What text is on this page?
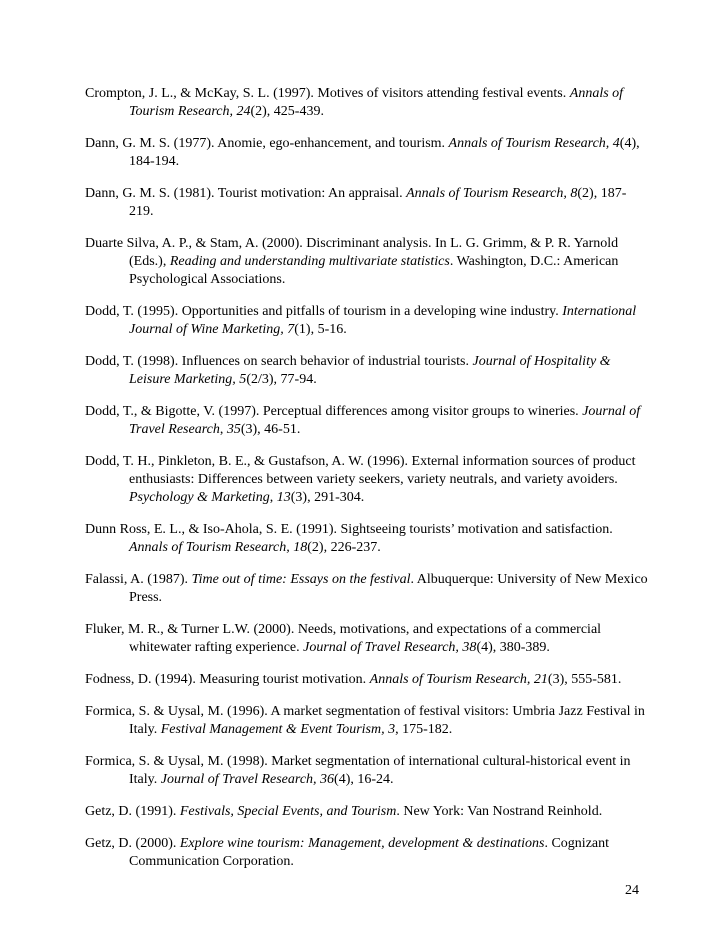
Crompton, J. L., & McKay, S. L. (1997). Motives of visitors attending festival events. Annals of Tourism Research, 24(2), 425-439.
Dann, G. M. S. (1977). Anomie, ego-enhancement, and tourism. Annals of Tourism Research, 4(4), 184-194.
Dann, G. M. S. (1981). Tourist motivation: An appraisal. Annals of Tourism Research, 8(2), 187-219.
Duarte Silva, A. P., & Stam, A. (2000). Discriminant analysis. In L. G. Grimm, & P. R. Yarnold (Eds.), Reading and understanding multivariate statistics. Washington, D.C.: American Psychological Associations.
Dodd, T. (1995). Opportunities and pitfalls of tourism in a developing wine industry. International Journal of Wine Marketing, 7(1), 5-16.
Dodd, T. (1998). Influences on search behavior of industrial tourists. Journal of Hospitality & Leisure Marketing, 5(2/3), 77-94.
Dodd, T., & Bigotte, V. (1997). Perceptual differences among visitor groups to wineries. Journal of Travel Research, 35(3), 46-51.
Dodd, T. H., Pinkleton, B. E., & Gustafson, A. W. (1996). External information sources of product enthusiasts: Differences between variety seekers, variety neutrals, and variety avoiders. Psychology & Marketing, 13(3), 291-304.
Dunn Ross, E. L., & Iso-Ahola, S. E. (1991). Sightseeing tourists’ motivation and satisfaction. Annals of Tourism Research, 18(2), 226-237.
Falassi, A. (1987). Time out of time: Essays on the festival. Albuquerque: University of New Mexico Press.
Fluker, M. R., & Turner L.W. (2000). Needs, motivations, and expectations of a commercial whitewater rafting experience. Journal of Travel Research, 38(4), 380-389.
Fodness, D. (1994). Measuring tourist motivation. Annals of Tourism Research, 21(3), 555-581.
Formica, S. & Uysal, M. (1996). A market segmentation of festival visitors: Umbria Jazz Festival in Italy. Festival Management & Event Tourism, 3, 175-182.
Formica, S. & Uysal, M. (1998). Market segmentation of international cultural-historical event in Italy. Journal of Travel Research, 36(4), 16-24.
Getz, D. (1991). Festivals, Special Events, and Tourism. New York: Van Nostrand Reinhold.
Getz, D. (2000). Explore wine tourism: Management, development & destinations. Cognizant Communication Corporation.
24
